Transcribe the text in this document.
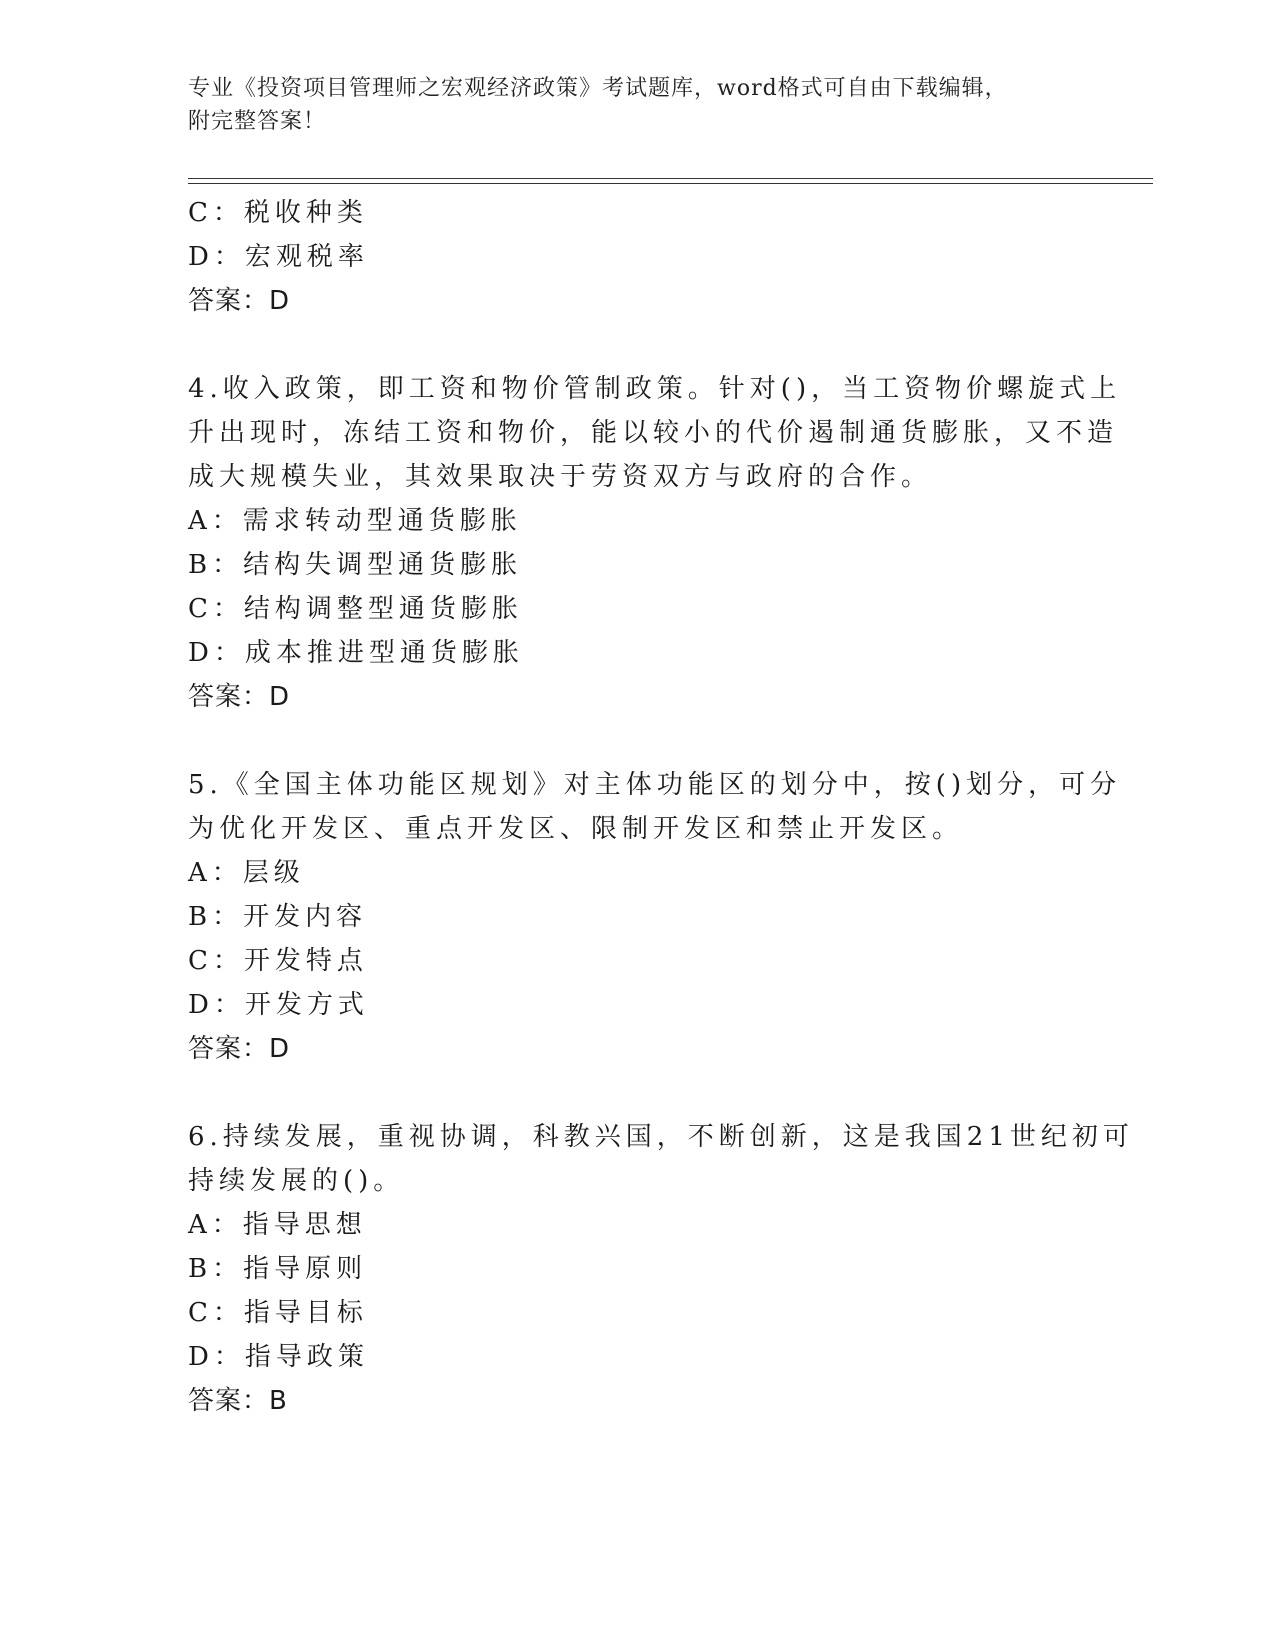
专业《投资项目管理师之宏观经济政策》考试题库，word格式可自由下载编辑，
附完整答案！
C：税收种类
D：宏观税率
答案：D
4.收入政策，即工资和物价管制政策。针对()，当工资物价螺旋式上
升出现时，冻结工资和物价，能以较小的代价遏制通货膨胀，又不造
成大规模失业，其效果取决于劳资双方与政府的合作。
A：需求转动型通货膨胀
B：结构失调型通货膨胀
C：结构调整型通货膨胀
D：成本推进型通货膨胀
答案：D
5.《全国主体功能区规划》对主体功能区的划分中，按()划分，可分
为优化开发区、重点开发区、限制开发区和禁止开发区。
A：层级
B：开发内容
C：开发特点
D：开发方式
答案：D
6.持续发展，重视协调，科教兴国，不断创新，这是我国21世纪初可
持续发展的()。
A：指导思想
B：指导原则
C：指导目标
D：指导政策
答案：B
